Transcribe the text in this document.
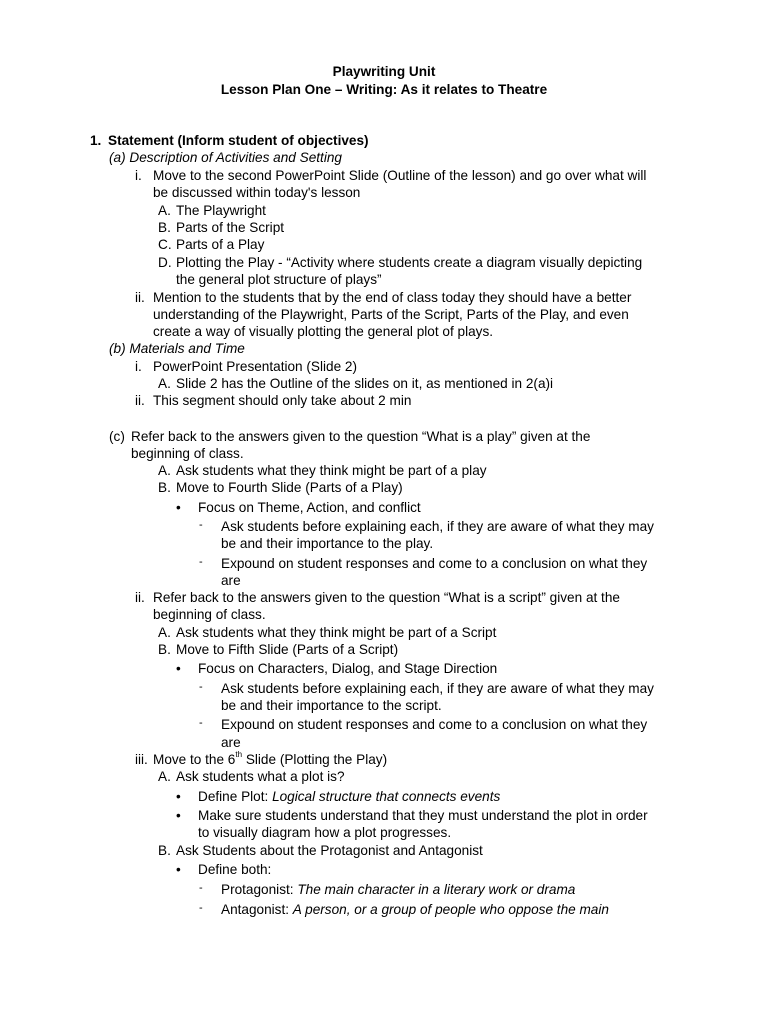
Playwriting Unit
Lesson Plan One – Writing: As it relates to Theatre
1. Statement (Inform student of objectives)
(a) Description of Activities and Setting
i. Move to the second PowerPoint Slide (Outline of the lesson) and go over what will
be discussed within today's lesson
A. The Playwright
B. Parts of the Script
C. Parts of a Play
D. Plotting the Play - “Activity where students create a diagram visually depicting
the general plot structure of plays”
ii. Mention to the students that by the end of class today they should have a better
understanding of the Playwright, Parts of the Script, Parts of the Play, and even
create a way of visually plotting the general plot of plays.
(b) Materials and Time
i. PowerPoint Presentation (Slide 2)
A. Slide 2 has the Outline of the slides on it, as mentioned in 2(a)i
ii. This segment should only take about 2 min
(c) Refer back to the answers given to the question “What is a play” given at the
beginning of class.
A. Ask students what they think might be part of a play
B. Move to Fourth Slide (Parts of a Play)
• Focus on Theme, Action, and conflict
- Ask students before explaining each, if they are aware of what they may
be and their importance to the play.
- Expound on student responses and come to a conclusion on what they
are
ii. Refer back to the answers given to the question “What is a script” given at the
beginning of class.
A. Ask students what they think might be part of a Script
B. Move to Fifth Slide (Parts of a Script)
• Focus on Characters, Dialog, and Stage Direction
- Ask students before explaining each, if they are aware of what they may
be and their importance to the script.
- Expound on student responses and come to a conclusion on what they
are
iii. Move to the 6th Slide (Plotting the Play)
A. Ask students what a plot is?
• Define Plot: Logical structure that connects events
• Make sure students understand that they must understand the plot in order
to visually diagram how a plot progresses.
B. Ask Students about the Protagonist and Antagonist
• Define both:
- Protagonist: The main character in a literary work or drama
- Antagonist: A person, or a group of people who oppose the main
